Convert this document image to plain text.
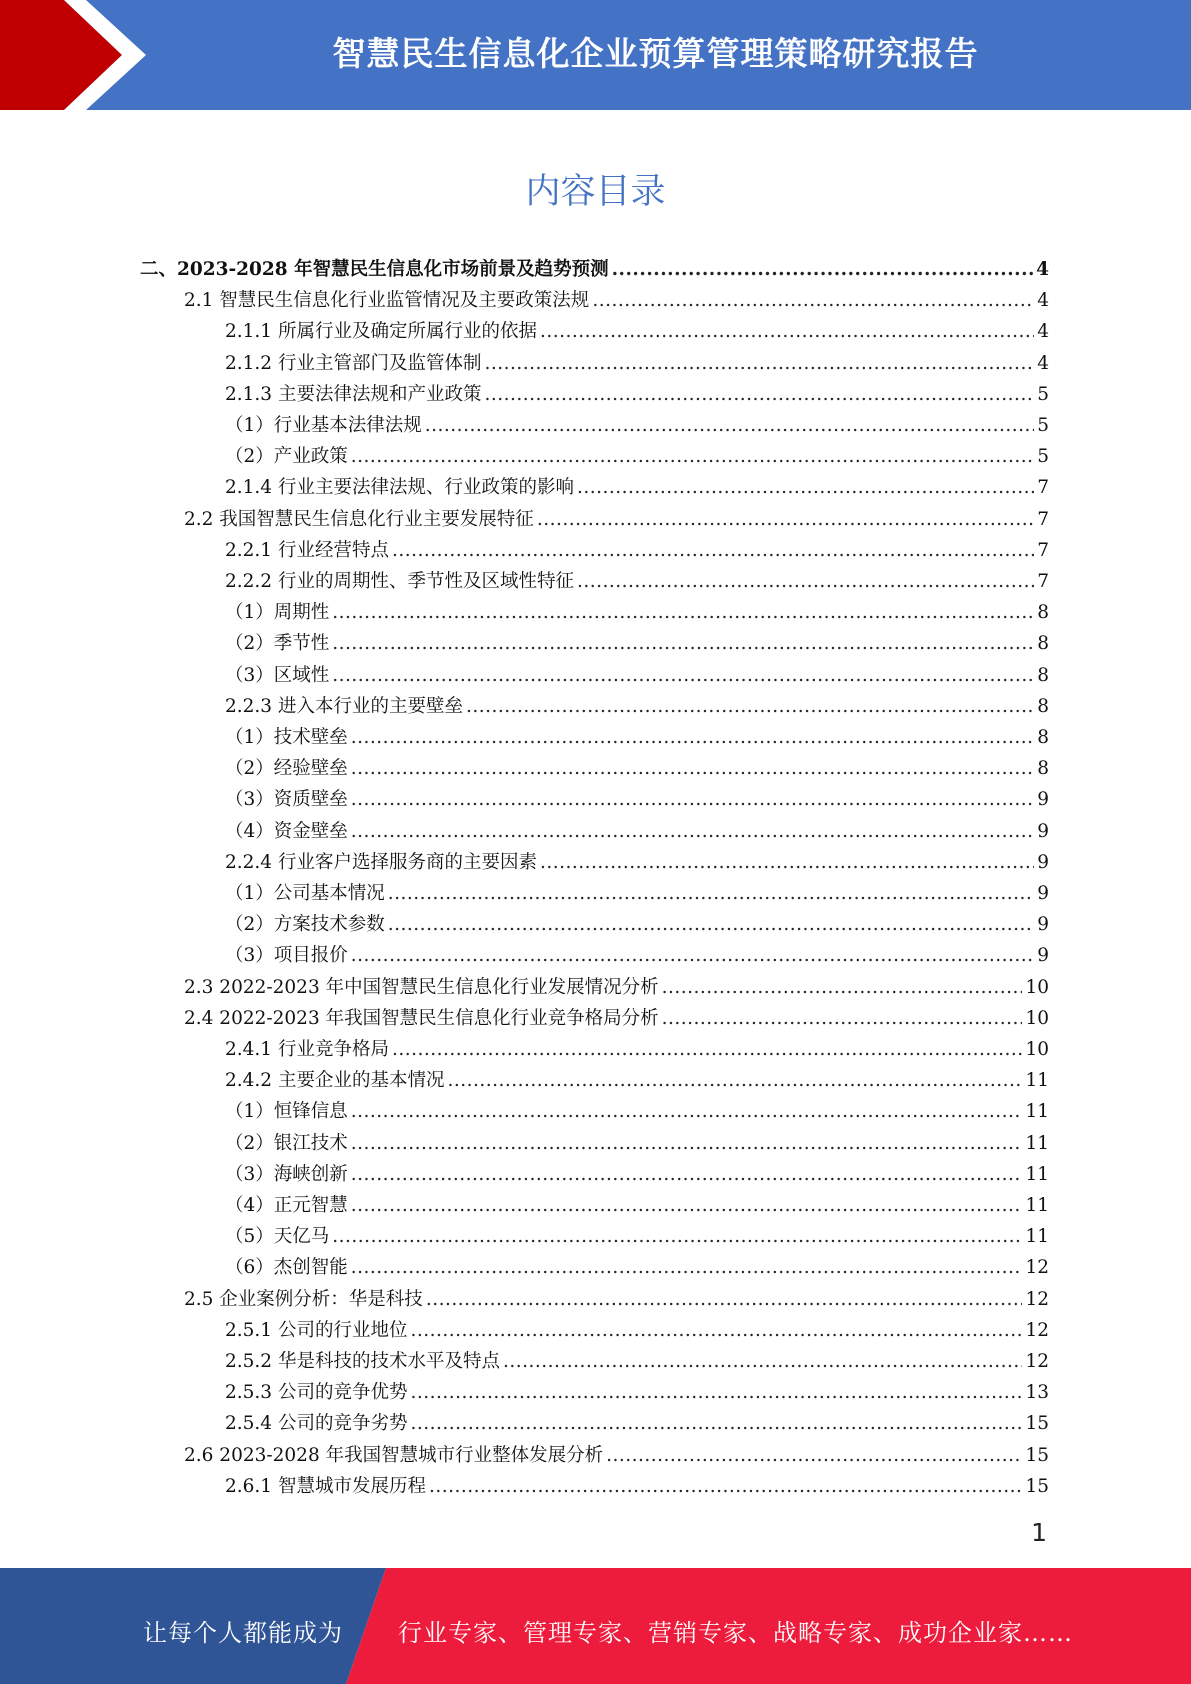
智慧民生信息化企业预算管理策略研究报告
内容目录
二、2023-2028 年智慧民生信息化市场前景及趋势预测 .....	4
2.1 智慧民生信息化行业监管情况及主要政策法规 .....	4
2.1.1 所属行业及确定所属行业的依据 .....	4
2.1.2 行业主管部门及监管体制 .....	4
2.1.3 主要法律法规和产业政策 .....	5
（1）行业基本法律法规 .....	5
（2）产业政策 .....	5
2.1.4 行业主要法律法规、行业政策的影响 .....	7
2.2 我国智慧民生信息化行业主要发展特征 .....	7
2.2.1 行业经营特点 .....	7
2.2.2 行业的周期性、季节性及区域性特征 .....	7
（1）周期性 .....	8
（2）季节性 .....	8
（3）区域性 .....	8
2.2.3 进入本行业的主要壁垒 .....	8
（1）技术壁垒 .....	8
（2）经验壁垒 .....	8
（3）资质壁垒 .....	9
（4）资金壁垒 .....	9
2.2.4 行业客户选择服务商的主要因素 .....	9
（1）公司基本情况 .....	9
（2）方案技术参数 .....	9
（3）项目报价 .....	9
2.3 2022-2023 年中国智慧民生信息化行业发展情况分析 .....	10
2.4 2022-2023 年我国智慧民生信息化行业竞争格局分析 .....	10
2.4.1 行业竞争格局 .....	10
2.4.2 主要企业的基本情况 .....	11
（1）恒锋信息 .....	11
（2）银江技术 .....	11
（3）海峡创新 .....	11
（4）正元智慧 .....	11
（5）天亿马 .....	11
（6）杰创智能 .....	12
2.5 企业案例分析：华是科技 .....	12
2.5.1 公司的行业地位 .....	12
2.5.2 华是科技的技术水平及特点 .....	12
2.5.3 公司的竞争优势 .....	13
2.5.4 公司的竞争劣势 .....	15
2.6 2023-2028 年我国智慧城市行业整体发展分析 .....	15
2.6.1 智慧城市发展历程 .....	15
1
让每个人都能成为 行业专家、管理专家、营销专家、战略专家、成功企业家……
